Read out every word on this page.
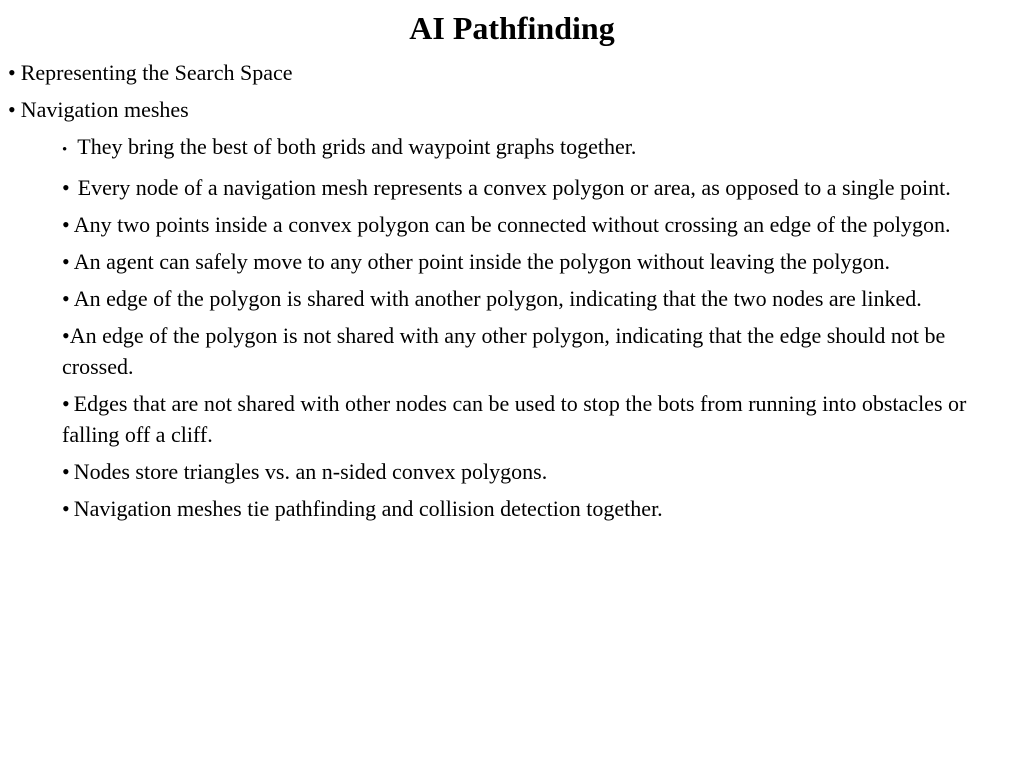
AI Pathfinding
• Representing the Search Space
• Navigation meshes
• They bring the best of both grids and waypoint graphs together.
• Every node of a navigation mesh represents a convex polygon or area, as opposed to a single point.
• Any two points inside a convex polygon can be connected without crossing an edge of the polygon.
• An agent can safely move to any other point inside the polygon without leaving the polygon.
• An edge of the polygon is shared with another polygon, indicating that the two nodes are linked.
•An edge of the polygon is not shared with any other polygon, indicating that the edge should not be crossed.
• Edges that are not shared with other nodes can be used to stop the bots from running into obstacles or falling off a cliff.
• Nodes store triangles vs. an n-sided convex polygons.
• Navigation meshes tie pathfinding and collision detection together.
